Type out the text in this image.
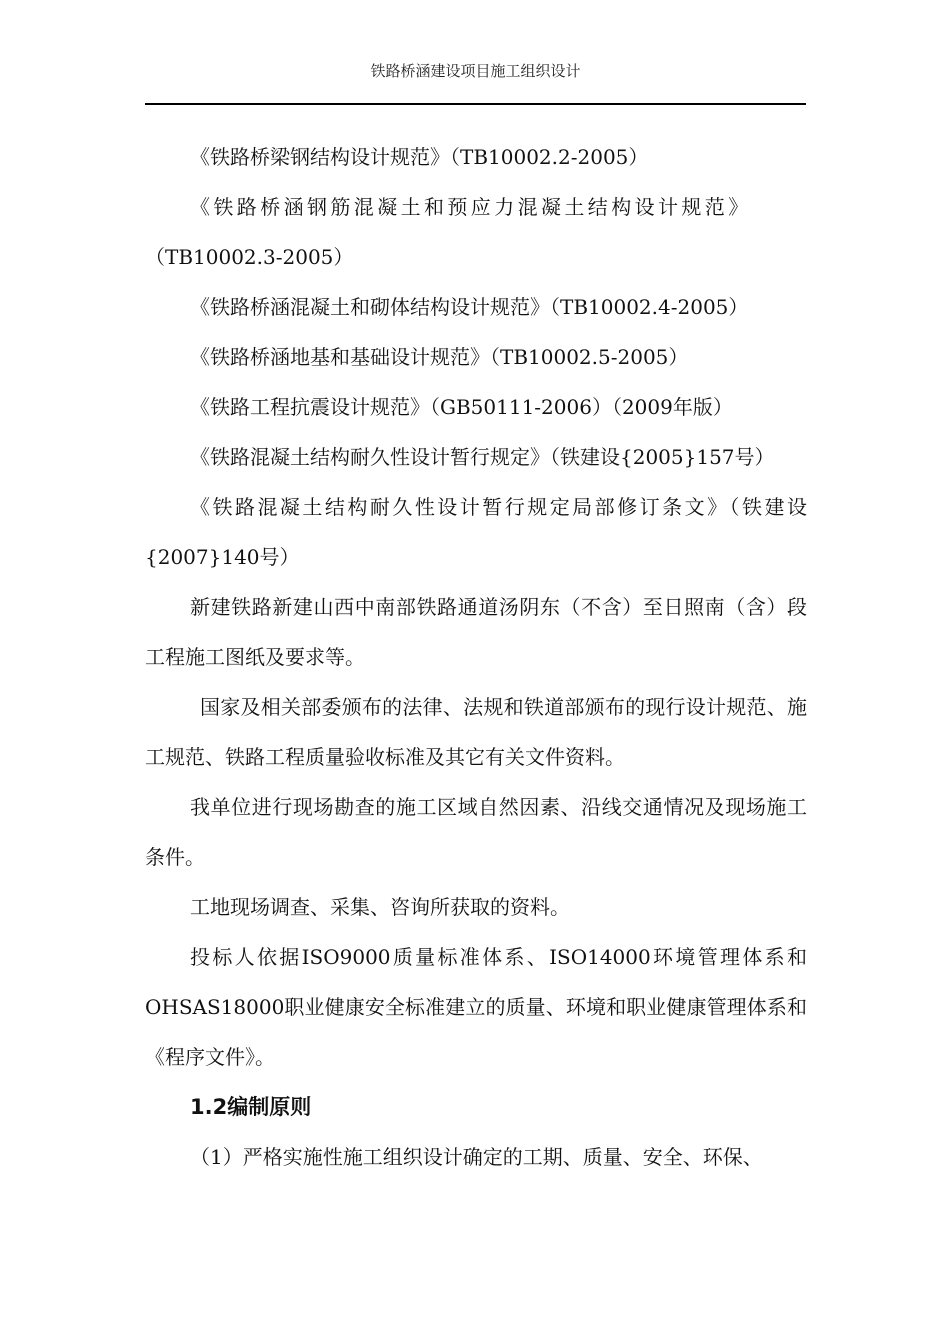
铁路桥涵建设项目施工组织设计

《铁路桥梁钢结构设计规范》（TB10002.2-2005）

《铁路桥涵钢筋混凝土和预应力混凝土结构设计规范》

（TB10002.3-2005）

《铁路桥涵混凝土和砌体结构设计规范》（TB10002.4-2005）

《铁路桥涵地基和基础设计规范》（TB10002.5-2005）

《铁路工程抗震设计规范》（GB50111-2006）（2009年版）

《铁路混凝土结构耐久性设计暂行规定》（铁建设{2005}157号）

《铁路混凝土结构耐久性设计暂行规定局部修订条文》（铁建设{2007}140号）

新建铁路新建山西中南部铁路通道汤阴东（不含）至日照南（含）段工程施工图纸及要求等。

国家及相关部委颁布的法律、法规和铁道部颁布的现行设计规范、施工规范、铁路工程质量验收标准及其它有关文件资料。

我单位进行现场勘查的施工区域自然因素、沿线交通情况及现场施工条件。

工地现场调查、采集、咨询所获取的资料。

投标人依据ISO9000质量标准体系、ISO14000环境管理体系和OHSAS18000职业健康安全标准建立的质量、环境和职业健康管理体系和《程序文件》。

1.2编制原则

（1）严格实施性施工组织设计确定的工期、质量、安全、环保、
